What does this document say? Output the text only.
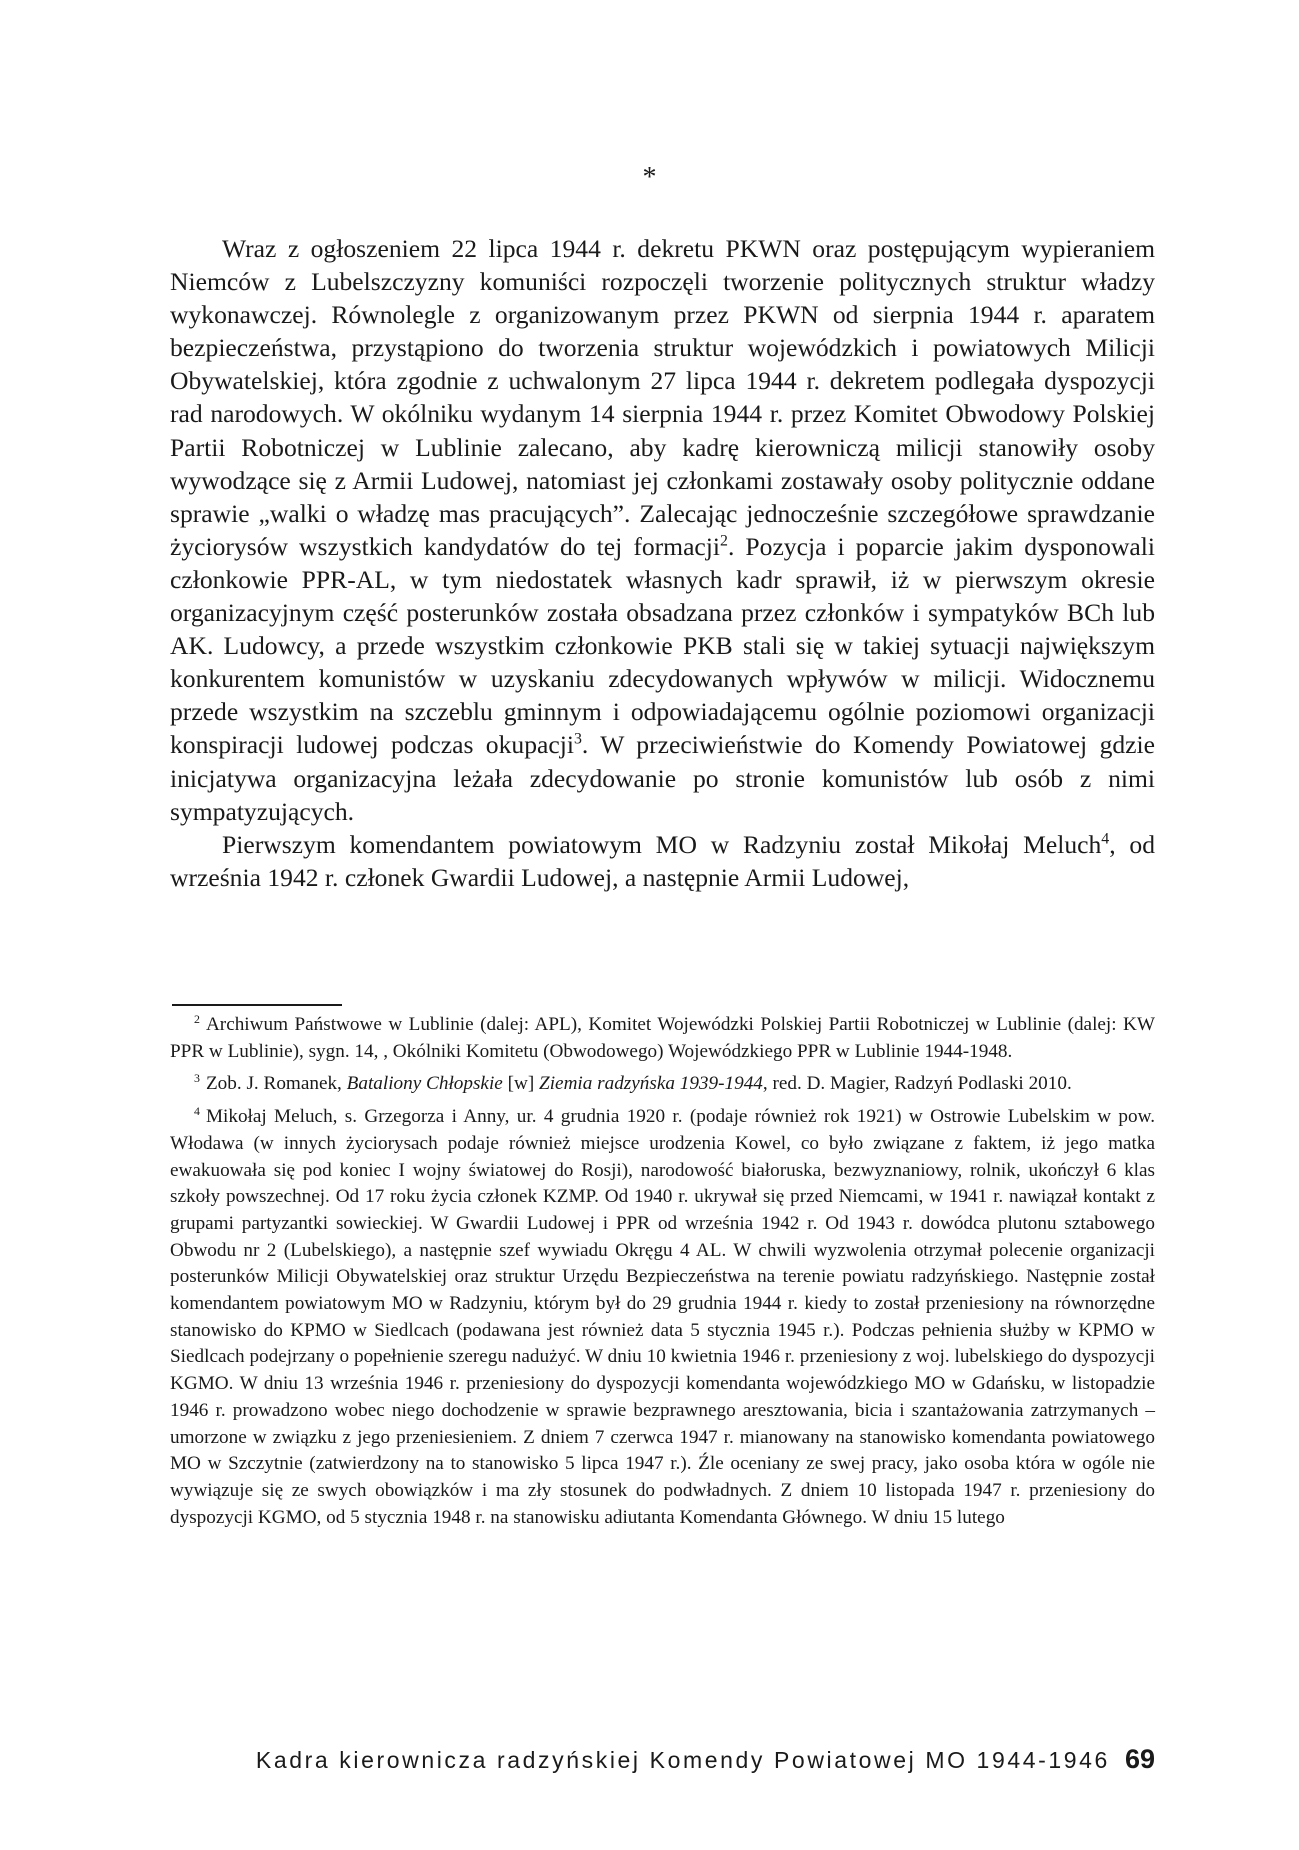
*

Wraz z ogłoszeniem 22 lipca 1944 r. dekretu PKWN oraz postępującym wypieraniem Niemców z Lubelszczyzny komuniści rozpoczęli tworzenie politycznych struktur władzy wykonawczej. Równolegle z organizowanym przez PKWN od sierpnia 1944 r. aparatem bezpieczeństwa, przystąpiono do tworzenia struktur wojewódzkich i powiatowych Milicji Obywatelskiej, która zgodnie z uchwalonym 27 lipca 1944 r. dekretem podlegała dyspozycji rad narodowych. W okólniku wydanym 14 sierpnia 1944 r. przez Komitet Obwodowy Polskiej Partii Robotniczej w Lublinie zalecano, aby kadrę kierowniczą milicji stanowiły osoby wywodzące się z Armii Ludowej, natomiast jej członkami zostawały osoby politycznie oddane sprawie „walki o władzę mas pracujących”. Zalecając jednocześnie szczegółowe sprawdzanie życiorysów wszystkich kandydatów do tej formacji$^2$. Pozycja i poparcie jakim dysponowali członkowie PPR-AL, w tym niedostatek własnych kadr sprawił, iż w pierwszym okresie organizacyjnym część posterunków została obsadzana przez członków i sympatyków BCh lub AK. Ludowcy, a przede wszystkim członkowie PKB stali się w takiej sytuacji największym konkurentem komunistów w uzyskaniu zdecydowanych wpływów w milicji. Widocznemu przede wszystkim na szczeblu gminnym i odpowiadającemu ogólnie poziomowi organizacji konspiracji ludowej podczas okupacji$^3$. W przeciwieństwie do Komendy Powiatowej gdzie inicjatywa organizacyjna leżała zdecydowanie po stronie komunistów lub osób z nimi sympatyzujących.

Pierwszym komendantem powiatowym MO w Radzyniu został Mikołaj Meluch$^4$, od września 1942 r. członek Gwardii Ludowej, a następnie Armii Ludowej,

$^2$ Archiwum Państwowe w Lublinie (dalej: APL), Komitet Wojewódzki Polskiej Partii Robotniczej w Lublinie (dalej: KW PPR w Lublinie), sygn. 14, , Okólniki Komitetu (Obwodowego) Wojewódzkiego PPR w Lublinie 1944-1948.

$^3$ Zob. J. Romanek, Bataliony Chłopskie [w] Ziemia radzyńska 1939-1944, red. D. Magier, Radzyń Podlaski 2010.

$^4$ Mikołaj Meluch, s. Grzegorza i Anny, ur. 4 grudnia 1920 r. (podaje również rok 1921) w Ostrowie Lubelskim w pow. Włodawa (w innych życiorysach podaje również miejsce urodzenia Kowel, co było związane z faktem, iż jego matka ewakuowała się pod koniec I wojny światowej do Rosji), narodowość białoruska, bezwyznaniowy, rolnik, ukończył 6 klas szkoły powszechnej. Od 17 roku życia członek KZMP. Od 1940 r. ukrywał się przed Niemcami, w 1941 r. nawiązał kontakt z grupami partyzantki sowieckiej. W Gwardii Ludowej i PPR od września 1942 r. Od 1943 r. dowódca plutonu sztabowego Obwodu nr 2 (Lubelskiego), a następnie szef wywiadu Okręgu 4 AL. W chwili wyzwolenia otrzymał polecenie organizacji posterunków Milicji Obywatelskiej oraz struktur Urzędu Bezpieczeństwa na terenie powiatu radzyńskiego. Następnie został komendantem powiatowym MO w Radzyniu, którym był do 29 grudnia 1944 r. kiedy to został przeniesiony na równorzędne stanowisko do KPMO w Siedlcach (podawana jest również data 5 stycznia 1945 r.). Podczas pełnienia służby w KPMO w Siedlcach podejrzany o popełnienie szeregu nadużyć. W dniu 10 kwietnia 1946 r. przeniesiony z woj. lubelskiego do dyspozycji KGMO. W dniu 13 września 1946 r. przeniesiony do dyspozycji komendanta wojewódzkiego MO w Gdańsku, w listopadzie 1946 r. prowadzono wobec niego dochodzenie w sprawie bezprawnego aresztowania, bicia i szantażowania zatrzymanych – umorzone w związku z jego przeniesieniem. Z dniem 7 czerwca 1947 r. mianowany na stanowisko komendanta powiatowego MO w Szczytnie (zatwierdzony na to stanowisko 5 lipca 1947 r.). Źle oceniany ze swej pracy, jako osoba która w ogóle nie wywiązuje się ze swych obowiązków i ma zły stosunek do podwładnych. Z dniem 10 listopada 1947 r. przeniesiony do dyspozycji KGMO, od 5 stycznia 1948 r. na stanowisku adiutanta Komendanta Głównego. W dniu 15 lutego

Kadra kierownicza radzyńskiej Komendy Powiatowej MO 1944-1946 69
